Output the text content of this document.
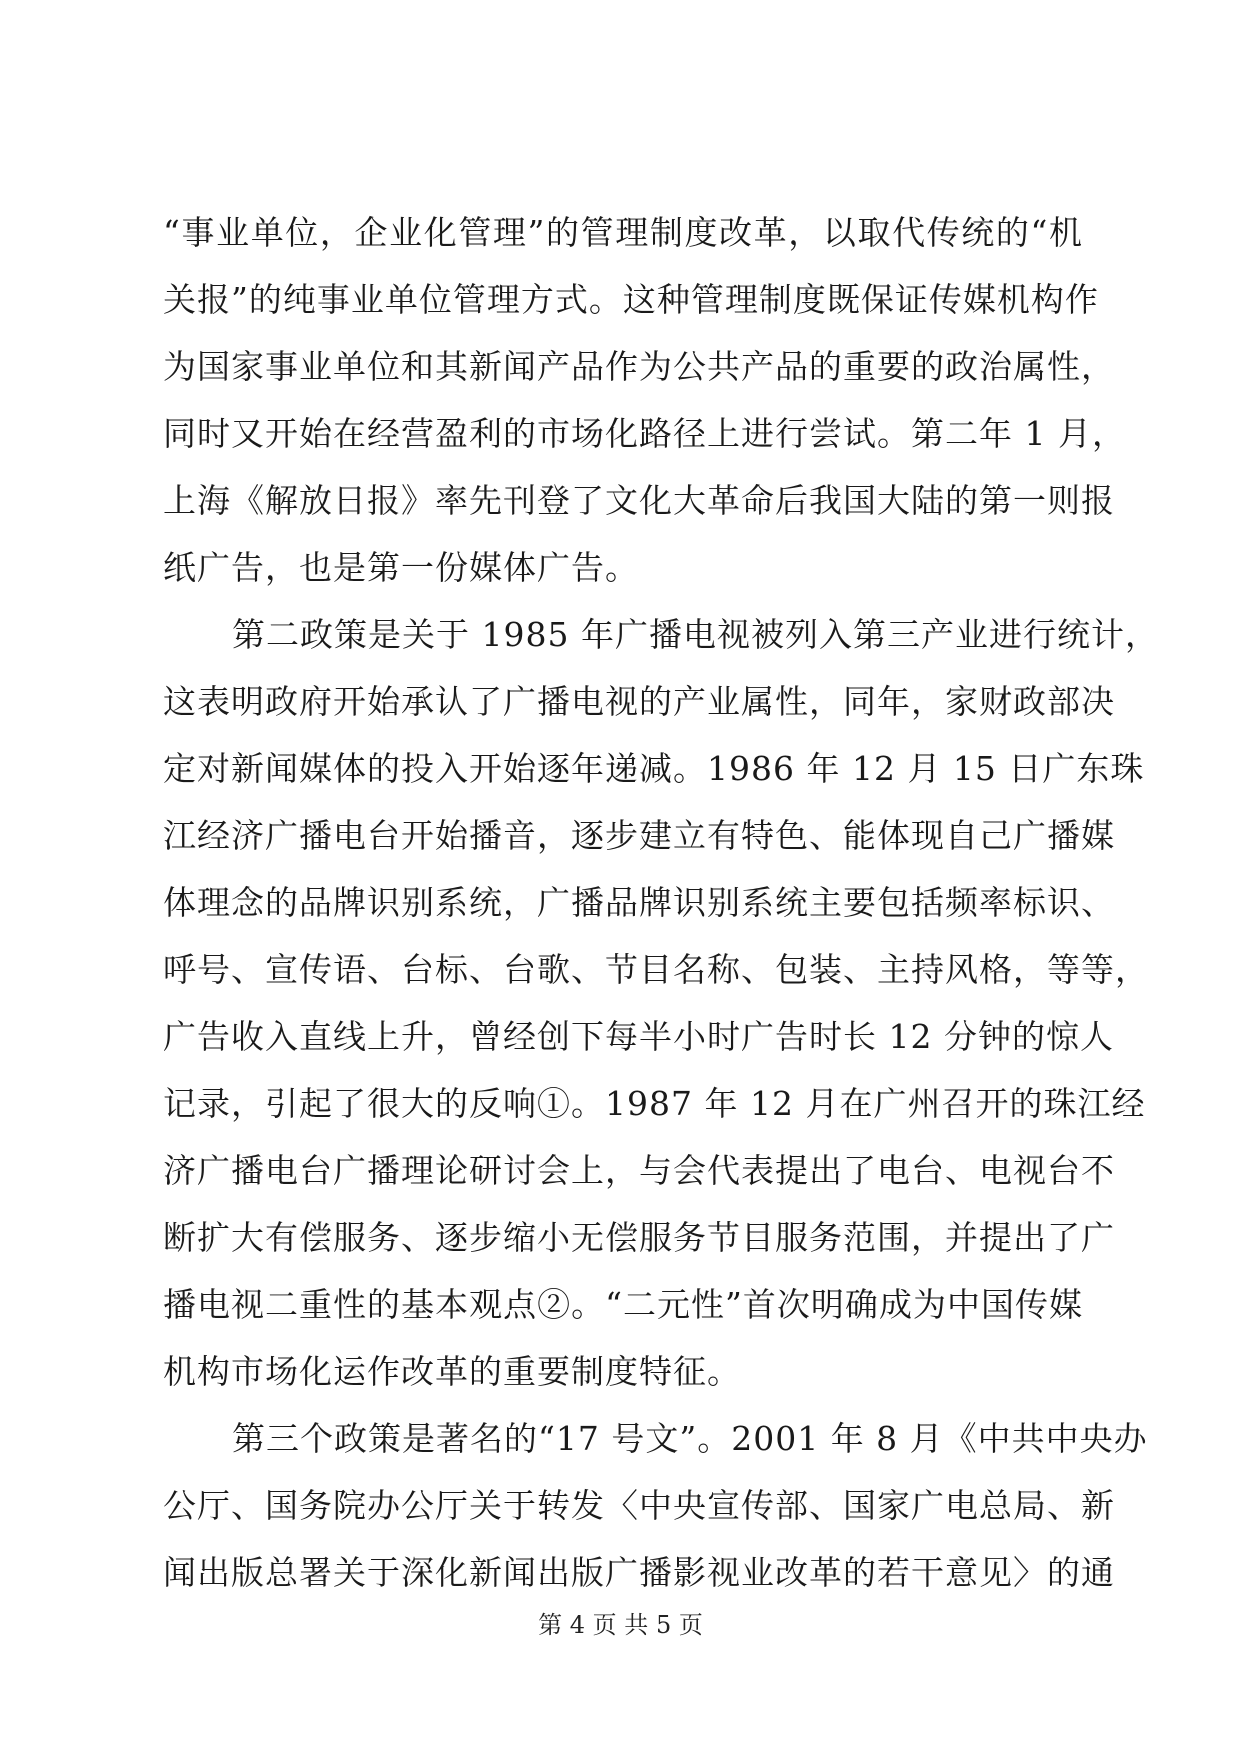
“事业单位，企业化管理”的管理制度改革，以取代传统的“机
关报”的纯事业单位管理方式。这种管理制度既保证传媒机构作
为国家事业单位和其新闻产品作为公共产品的重要的政治属性，
同时又开始在经营盈利的市场化路径上进行尝试。第二年 1 月，
上海《解放日报》率先刊登了文化大革命后我国大陆的第一则报
纸广告，也是第一份媒体广告。
第二政策是关于 1985 年广播电视被列入第三产业进行统计，
这表明政府开始承认了广播电视的产业属性，同年，家财政部决
定对新闻媒体的投入开始逐年递减。1986 年 12 月 15 日广东珠
江经济广播电台开始播音，逐步建立有特色、能体现自己广播媒
体理念的品牌识别系统，广播品牌识别系统主要包括频率标识、
呼号、宣传语、台标、台歌、节目名称、包装、主持风格，等等，
广告收入直线上升，曾经创下每半小时广告时长 12 分钟的惊人
记录，引起了很大的反响①。1987 年 12 月在广州召开的珠江经
济广播电台广播理论研讨会上，与会代表提出了电台、电视台不
断扩大有偿服务、逐步缩小无偿服务节目服务范围，并提出了广
播电视二重性的基本观点②。“二元性”首次明确成为中国传媒
机构市场化运作改革的重要制度特征。
第三个政策是著名的“17 号文”。2001 年 8 月《中共中央办
公厅、国务院办公厅关于转发〈中央宣传部、国家广电总局、新
闻出版总署关于深化新闻出版广播影视业改革的若干意见〉的通
第 4 页 共 5 页
